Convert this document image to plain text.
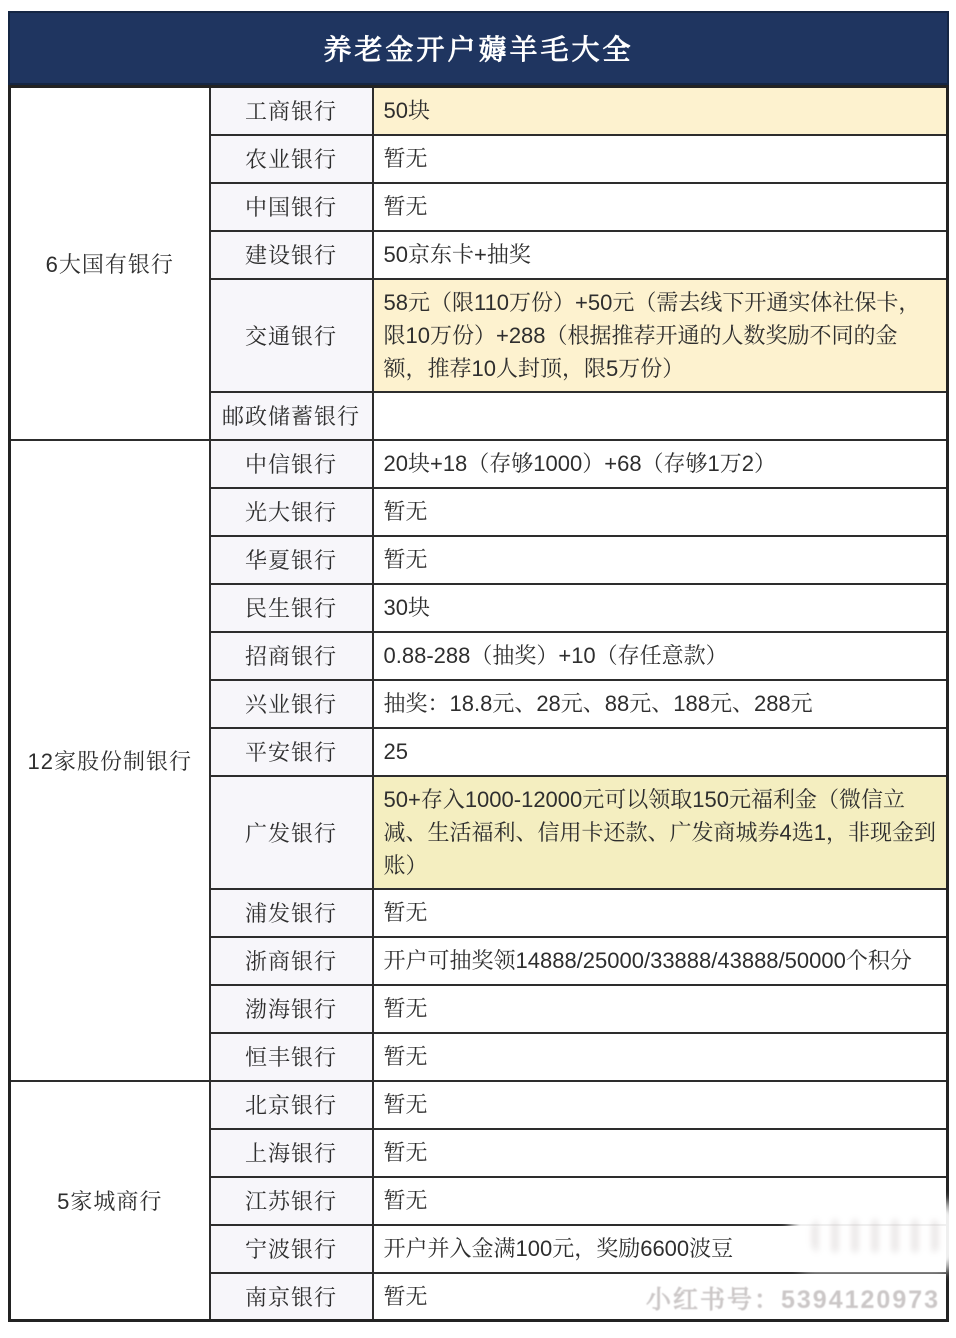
养老金开户薅羊毛大全
6大国有银行	工商银行	50块
	农业银行	暂无
	中国银行	暂无
	建设银行	50京东卡+抽奖
	交通银行	58元（限110万份）+50元（需去线下开通实体社保卡，限10万份）+288（根据推荐开通的人数奖励不同的金额，推荐10人封顶，限5万份）
	邮政储蓄银行	
12家股份制银行	中信银行	20块+18（存够1000）+68（存够1万2）
	光大银行	暂无
	华夏银行	暂无
	民生银行	30块
	招商银行	0.88-288（抽奖）+10（存任意款）
	兴业银行	抽奖：18.8元、28元、88元、188元、288元
	平安银行	25
	广发银行	50+存入1000-12000元可以领取150元福利金（微信立减、生活福利、信用卡还款、广发商城券4选1，非现金到账）
	浦发银行	暂无
	浙商银行	开户可抽奖领14888/25000/33888/43888/50000个积分
	渤海银行	暂无
	恒丰银行	暂无
5家城商行	北京银行	暂无
	上海银行	暂无
	江苏银行	暂无
	宁波银行	开户并入金满100元，奖励6600波豆
	南京银行	暂无	小红书号：5394120973
